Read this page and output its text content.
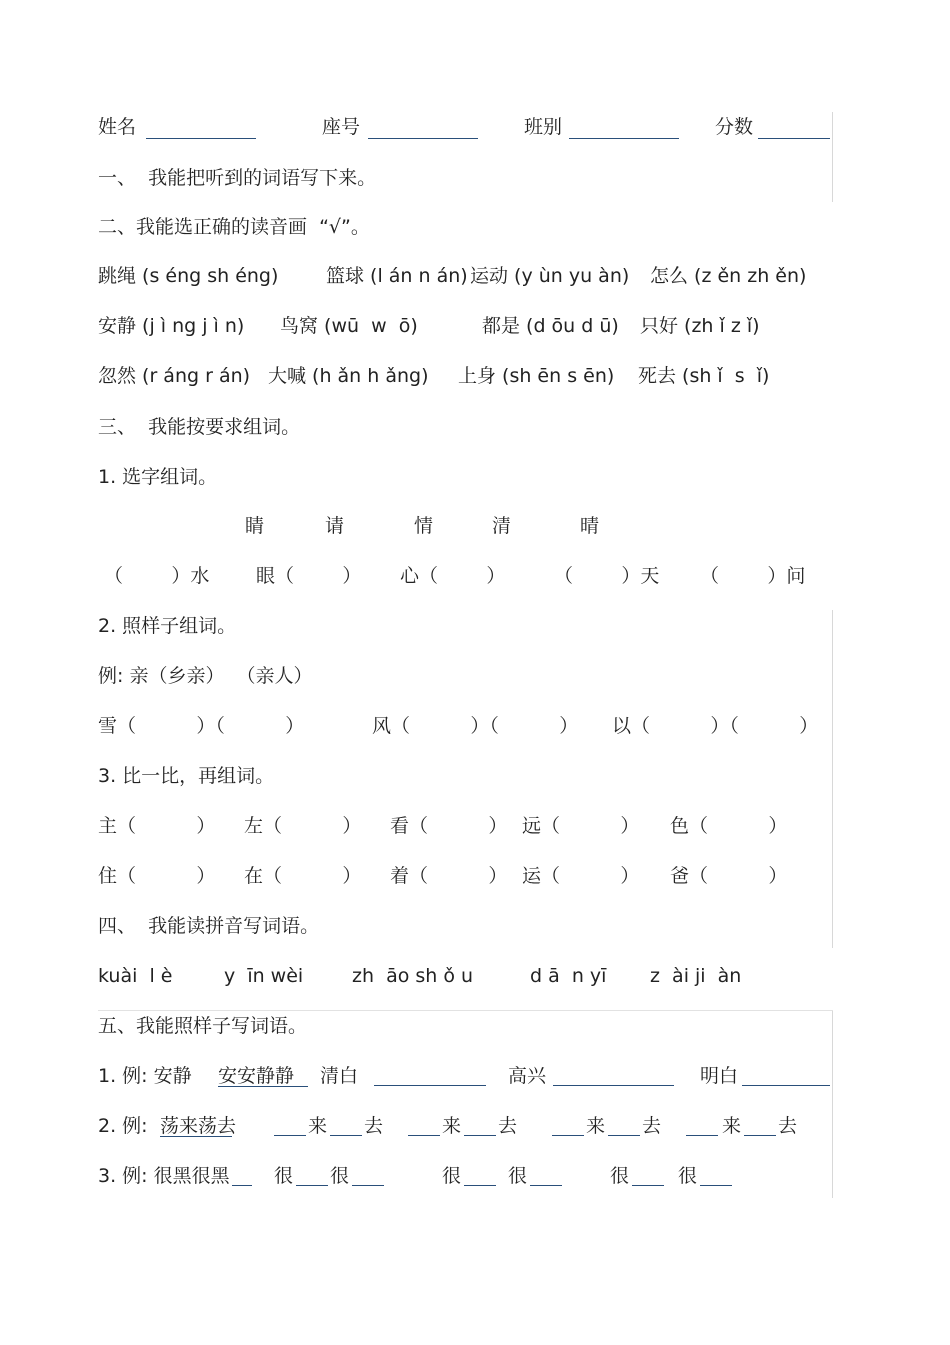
姓名	座号	班别	分数
一、  我能把听到的词语写下来。
二、我能选正确的读音画  “√”。
跳绳 (s éng sh éng)	篮球 (l án n án) 运动 (y ùn yu àn) 怎么 (z ěn zh ěn)
安静 (j ì ng j ì n) 鸟窝 (wū  w  ō)	都是 (d ōu d ū) 只好 (zh ǐ z ǐ)
忽然 (r áng r án) 大喊 (h ǎn h ǎng) 上身 (sh ēn s ēn) 死去 (sh ǐ  s  ǐ)
三、  我能按要求组词。
1. 选字组词。
睛	请	情	清	晴
（        ）水 眼（        ） 心（        ）	（        ）天 （        ）问
2. 照样子组词。
例: 亲（乡亲）  （亲人）
雪（          ）（          ）	风（          ）（          ） 以（          ）（          ）
3. 比一比，再组词。
主（          ） 左（          ） 看（          ） 远（          ） 色（          ）
住（          ） 在（          ） 着（          ） 运（          ） 爸（          ）
四、  我能读拼音写词语。
kuài  l è	y  īn wèi	zh  āo sh ǒ u	d ā  n yī z  ài ji  àn
五、我能照样子写词语。
1. 例: 安静 安安静静 清白	高兴	明白
2. 例: 荡来荡去	来 去	来 去	来 去	来 去
3. 例: 很黑很黑 很 很	很 很	很	很
